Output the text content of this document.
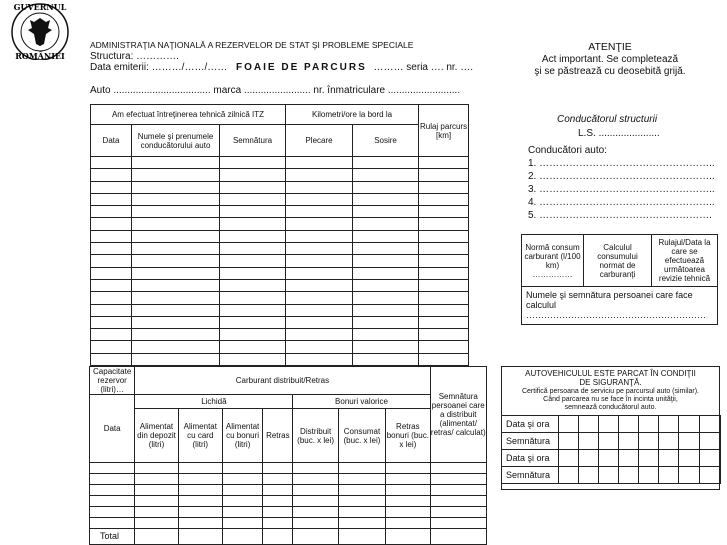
GUVERNUL
ROMÂNIEI
ADMINISTRAŢIA NAŢIONALĂ A REZERVELOR DE STAT ŞI PROBLEME SPECIALE
Structura: ………….
Data emiterii: ………/……/…… FOAIE DE PARCURS ……… seria …. nr. ….
Auto ................................... marca ........................ nr. înmatriculare ..........................
ATENŢIE
Act important. Se completează
şi se păstrează cu deosebită grijă.
Am efectuat întreţinerea tehnică zilnică ITZ			Kilometri/ore la bord la		Rulaj parcurs [km]
Data	Numele şi prenumele conducătorului auto	Semnătura	Plecare	Sosire	

Conducătorul structurii
L.S. ......................
Conducători auto:
1. ……………………………………………..
2. ……………………………………………..
3. ……………………………………………..
4. ……………………………………………..
5. …………………………………………….
Normă consum carburant (l/100 km)
……………
	Calculul consumului normat de carburanţi	Rulajul/Data la care se efectuează următoarea revizie tehnică

Numele şi semnătura persoanei care face calculul
……………………………………………………
Capacitate rezervor (litri)…	Carburant distribuit/Retras							Semnătura persoanei care a distribuit (alimentat/ retras/ calculat)
Data	Lichidă				Bonuri valorice			
	Alimentat din depozit (litri)	Alimentat cu card (litri)	Alimentat cu bonuri (litri)	Retras	Distribuit (buc. x lei)	Consumat (buc. x lei)	Retras bonuri (buc. x lei)	

Total								
AUTOVEHICULUL ESTE PARCAT ÎN CONDIŢII
DE SIGURANŢĂ.
Certifică persoana de serviciu pe parcursul auto (similar).
Când parcarea nu se face în incinta unităţii,
semnează conducătorul auto.
Data şi ora								
Semnătura								
Data şi ora								
Semnătura								
